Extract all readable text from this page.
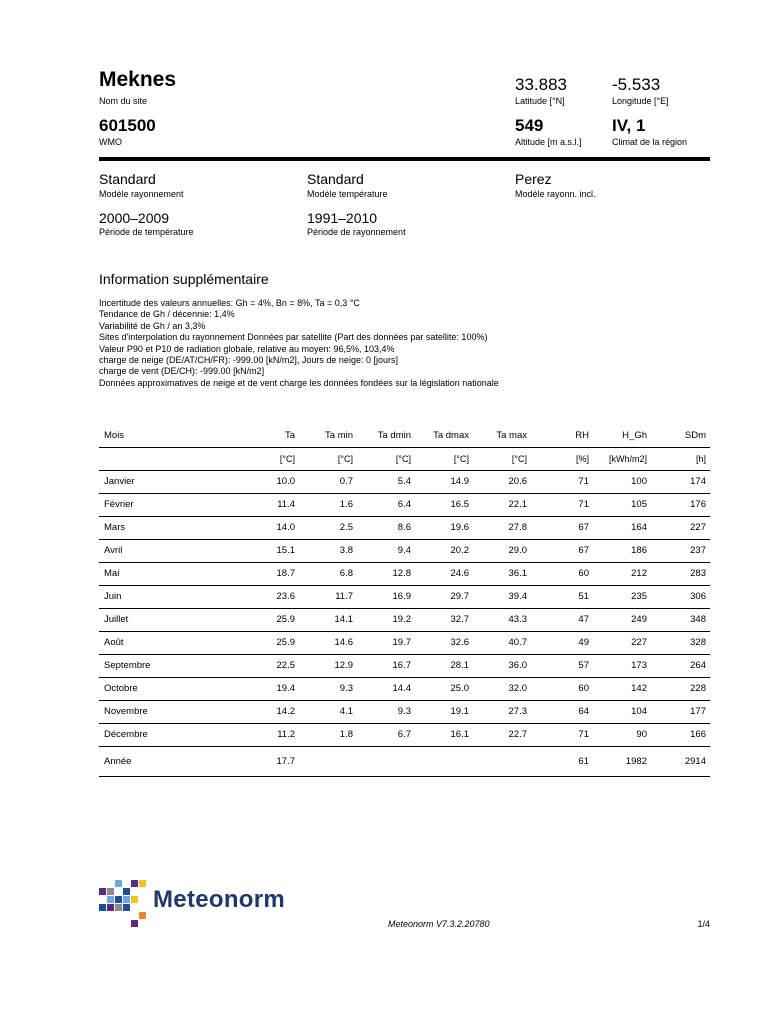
Meknes
Nom du site
33.883
Latitude [°N]
-5.533
Longitude [°E]
601500
WMO
549
Altitude [m a.s.l.]
IV, 1
Climat de la région
Standard
Modèle rayonnement
Standard
Modèle température
Perez
Modèle rayonn. incl.
2000–2009
Période de température
1991–2010
Période de rayonnement
Information supplémentaire
Incertitude des valeurs annuelles: Gh = 4%, Bn = 8%, Ta = 0,3 °C
Tendance de Gh / décennie: 1,4%
Variabilité de Gh / an 3,3%
Sites d'interpolation du rayonnement Données par satellite (Part des données par satellite: 100%)
Valeur P90 et P10 de radiation globale, relative au moyen: 96,5%, 103,4%
charge de neige (DE/AT/CH/FR): -999.00 [kN/m2], Jours de neige: 0 [jours]
charge de vent (DE/CH): -999.00 [kN/m2]
Données approximatives de neige et de vent charge les données fondées sur la législation nationale
Mois	Ta	Ta min	Ta dmin	Ta dmax	Ta max	RH	H_Gh	SDm
	[°C]	[°C]	[°C]	[°C]	[°C]	[%]	[kWh/m2]	[h]
Janvier	10.0	0.7	5.4	14.9	20.6	71	100	174
Février	11.4	1.6	6.4	16.5	22.1	71	105	176
Mars	14.0	2.5	8.6	19.6	27.8	67	164	227
Avril	15.1	3.8	9.4	20.2	29.0	67	186	237
Mai	18.7	6.8	12.8	24.6	36.1	60	212	283
Juin	23.6	11.7	16.9	29.7	39.4	51	235	306
Juillet	25.9	14.1	19.2	32.7	43.3	47	249	348
Août	25.9	14.6	19.7	32.6	40.7	49	227	328
Septembre	22.5	12.9	16.7	28.1	36.0	57	173	264
Octobre	19.4	9.3	14.4	25.0	32.0	60	142	228
Novembre	14.2	4.1	9.3	19.1	27.3	64	104	177
Décembre	11.2	1.8	6.7	16.1	22.7	71	90	166
Année	17.7					61	1982	2914
Meteonorm
Meteonorm V7.3.2.20780	1/4
